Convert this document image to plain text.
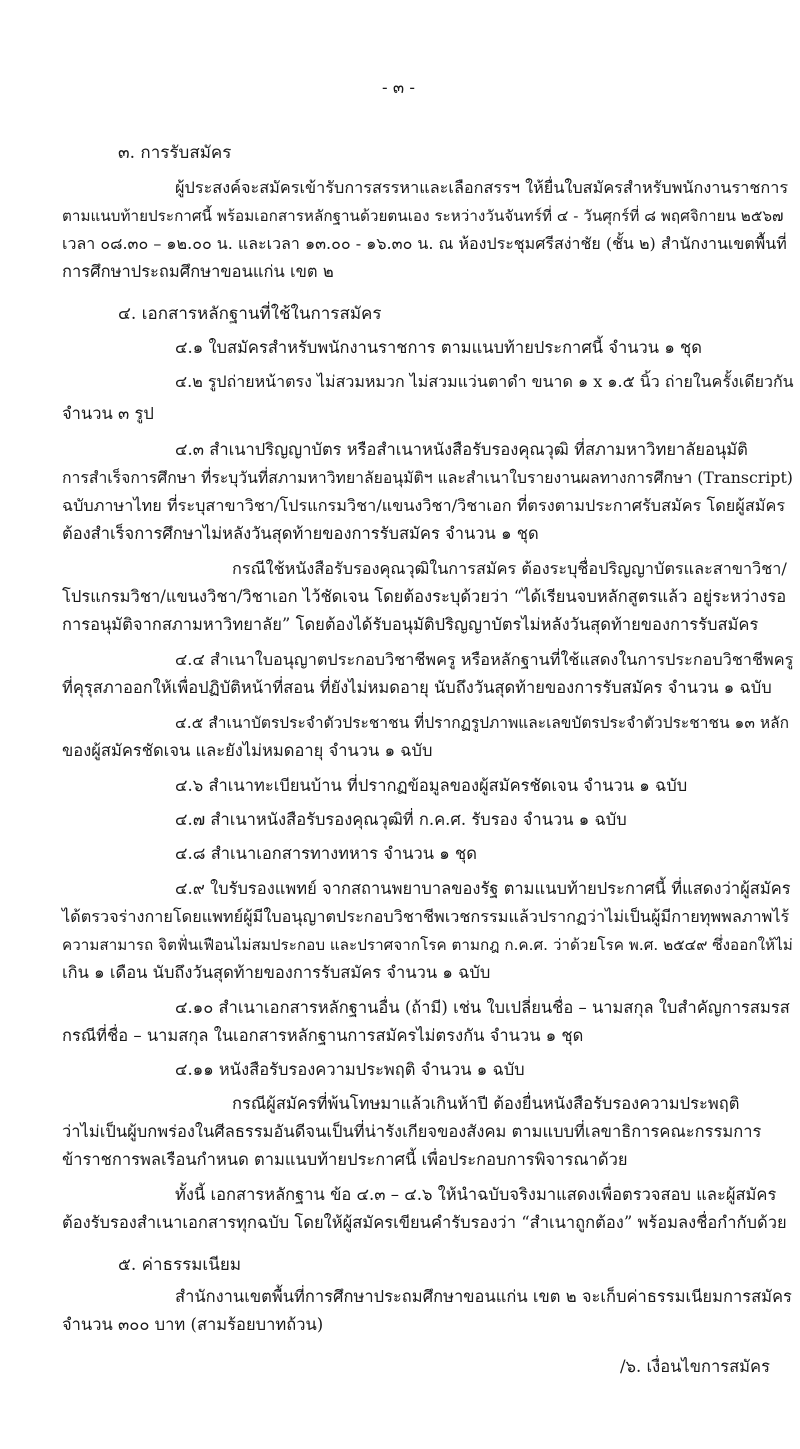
- ๓ -
๓. การรับสมัคร
ผู้ประสงค์จะสมัครเข้ารับการสรรหาและเลือกสรรฯ ให้ยื่นใบสมัครสำหรับพนักงานราชการ
ตามแนบท้ายประกาศนี้ พร้อมเอกสารหลักฐานด้วยตนเอง ระหว่างวันจันทร์ที่ ๔ - วันศุกร์ที่ ๘ พฤศจิกายน ๒๕๖๗
เวลา ๐๘.๓๐ – ๑๒.๐๐ น. และเวลา ๑๓.๐๐ - ๑๖.๓๐ น. ณ ห้องประชุมศรีสง่าชัย (ชั้น ๒) สำนักงานเขตพื้นที่
การศึกษาประถมศึกษาขอนแก่น เขต ๒
๔. เอกสารหลักฐานที่ใช้ในการสมัคร
๔.๑ ใบสมัครสำหรับพนักงานราชการ ตามแนบท้ายประกาศนี้ จำนวน ๑ ชุด
๔.๒ รูปถ่ายหน้าตรง ไม่สวมหมวก ไม่สวมแว่นตาดำ ขนาด ๑ x ๑.๕ นิ้ว ถ่ายในครั้งเดียวกัน
จำนวน ๓ รูป
๔.๓ สำเนาปริญญาบัตร หรือสำเนาหนังสือรับรองคุณวุฒิ ที่สภามหาวิทยาลัยอนุมัติ
การสำเร็จการศึกษา ที่ระบุวันที่สภามหาวิทยาลัยอนุมัติฯ และสำเนาใบรายงานผลทางการศึกษา (Transcript)
ฉบับภาษาไทย ที่ระบุสาขาวิชา/โปรแกรมวิชา/แขนงวิชา/วิชาเอก ที่ตรงตามประกาศรับสมัคร โดยผู้สมัคร
ต้องสำเร็จการศึกษาไม่หลังวันสุดท้ายของการรับสมัคร จำนวน ๑ ชุด
กรณีใช้หนังสือรับรองคุณวุฒิในการสมัคร ต้องระบุชื่อปริญญาบัตรและสาขาวิชา/
โปรแกรมวิชา/แขนงวิชา/วิชาเอก ไว้ชัดเจน โดยต้องระบุด้วยว่า “ได้เรียนจบหลักสูตรแล้ว อยู่ระหว่างรอ
การอนุมัติจากสภามหาวิทยาลัย” โดยต้องได้รับอนุมัติปริญญาบัตรไม่หลังวันสุดท้ายของการรับสมัคร
๔.๔ สำเนาใบอนุญาตประกอบวิชาชีพครู หรือหลักฐานที่ใช้แสดงในการประกอบวิชาชีพครู
ที่คุรุสภาออกให้เพื่อปฏิบัติหน้าที่สอน ที่ยังไม่หมดอายุ นับถึงวันสุดท้ายของการรับสมัคร จำนวน ๑ ฉบับ
๔.๕ สำเนาบัตรประจำตัวประชาชน ที่ปรากฏรูปภาพและเลขบัตรประจำตัวประชาชน ๑๓ หลัก
ของผู้สมัครชัดเจน และยังไม่หมดอายุ จำนวน ๑ ฉบับ
๔.๖ สำเนาทะเบียนบ้าน ที่ปรากฏข้อมูลของผู้สมัครชัดเจน จำนวน ๑ ฉบับ
๔.๗ สำเนาหนังสือรับรองคุณวุฒิที่ ก.ค.ศ. รับรอง จำนวน ๑ ฉบับ
๔.๘ สำเนาเอกสารทางทหาร จำนวน ๑ ชุด
๔.๙ ใบรับรองแพทย์ จากสถานพยาบาลของรัฐ ตามแนบท้ายประกาศนี้ ที่แสดงว่าผู้สมัคร
ได้ตรวจร่างกายโดยแพทย์ผู้มีใบอนุญาตประกอบวิชาชีพเวชกรรมแล้วปรากฏว่าไม่เป็นผู้มีกายทุพพลภาพไร้
ความสามารถ จิตฟั่นเฟือนไม่สมประกอบ และปราศจากโรค ตามกฎ ก.ค.ศ. ว่าด้วยโรค พ.ศ. ๒๕๔๙ ซึ่งออกให้ไม่
เกิน ๑ เดือน นับถึงวันสุดท้ายของการรับสมัคร จำนวน ๑ ฉบับ
๔.๑๐ สำเนาเอกสารหลักฐานอื่น (ถ้ามี) เช่น ใบเปลี่ยนชื่อ – นามสกุล ใบสำคัญการสมรส
กรณีที่ชื่อ – นามสกุล ในเอกสารหลักฐานการสมัครไม่ตรงกัน จำนวน ๑ ชุด
๔.๑๑ หนังสือรับรองความประพฤติ จำนวน ๑ ฉบับ
กรณีผู้สมัครที่พ้นโทษมาแล้วเกินห้าปี ต้องยื่นหนังสือรับรองความประพฤติ
ว่าไม่เป็นผู้บกพร่องในศีลธรรมอันดีจนเป็นที่น่ารังเกียจของสังคม ตามแบบที่เลขาธิการคณะกรรมการ
ข้าราชการพลเรือนกำหนด ตามแนบท้ายประกาศนี้ เพื่อประกอบการพิจารณาด้วย
ทั้งนี้ เอกสารหลักฐาน ข้อ ๔.๓ – ๔.๖ ให้นำฉบับจริงมาแสดงเพื่อตรวจสอบ และผู้สมัคร
ต้องรับรองสำเนาเอกสารทุกฉบับ โดยให้ผู้สมัครเขียนคำรับรองว่า “สำเนาถูกต้อง” พร้อมลงชื่อกำกับด้วย
๕. ค่าธรรมเนียม
สำนักงานเขตพื้นที่การศึกษาประถมศึกษาขอนแก่น เขต ๒ จะเก็บค่าธรรมเนียมการสมัคร
จำนวน ๓๐๐ บาท (สามร้อยบาทถ้วน)
/๖. เงื่อนไขการสมัคร
